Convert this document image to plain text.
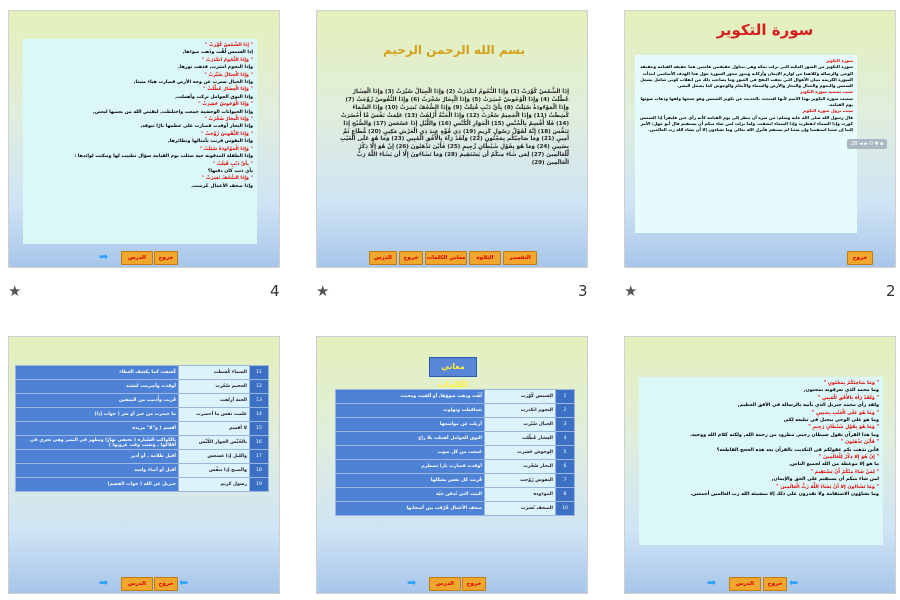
" إِذَا الشَّمْسُ كُوِّرَتْ "
إذا الشمس لُفّت وذَهب ضوءها,
" وَإِذَا النُّجُومُ انكَدَرَتْ "
وإذا النجوم انتثرت, فذهب نورها,
" وَإِذَا الْجِبَالُ سُيِّرَتْ "
وإذا الجبال سيرت عن وجه الأرض فصارت هباء منبثا,
" وَإِذَا الْعِشَارُ عُطِّلَتْ "
وإذا النوق الحوامل تركت وأهملت,
" وَإِذَا الْوُحُوشُ حُشِرَتْ "
وإذا الحيوانات الوحشية جمعت واختلطت, ليقتص الله من بعضها لبعض,
" وَإِذَا الْبِحَارُ سُجِّرَتْ "
وإذا البحار أوقدت فصارت على عظمها نارًا تتوقد,
" وَإِذَا النُّفُوسُ زُوِّجَتْ "
وإذا النفوس قرنت بأمثالها ونظائرها,
" وَإِذَا الْمَوْءُودَةُ سُئِلَتْ "
وإذا الطفلة المدفونة حية سئلت يوم القيامة سؤال تطييب لها وتبكيت لوائدها :
" بِأَيِّ ذَنْبٍ قُتِلَتْ "
بأي ذنب كان دفنها؟
" وَإِذَا الصُّحُفُ نُشِرَتْ "
وإذا صحف الأعمال عُرضت,
الدرس	خروج
➡
★	4
بسم الله الرحمن الرحيم
إِذَا الشَّمْسُ كُوِّرَتْ (1) وَإِذَا النُّجُومُ انكَدَرَتْ (2) وَإِذَا الْجِبَالُ سُيِّرَتْ (3) وَإِذَا الْعِشَارُ عُطِّلَتْ (4) وَإِذَا الْوُحُوشُ حُشِرَتْ (5) وَإِذَا الْبِحَارُ سُجِّرَتْ (6) وَإِذَا النُّفُوسُ زُوِّجَتْ (7) وَإِذَا الْمَوْءُودَةُ سُئِلَتْ (8) بِأَيِّ ذَنْبٍ قُتِلَتْ (9) وَإِذَا الصُّحُفُ نُشِرَتْ (10) وَإِذَا السَّمَاءُ كُشِطَتْ (11) وَإِذَا الْجَحِيمُ سُعِّرَتْ (12) وَإِذَا الْجَنَّةُ أُزْلِفَتْ (13) عَلِمَتْ نَفْسٌ مَّا أَحْضَرَتْ (14) فَلَا أُقْسِمُ بِالْخُنَّسِ (15) الْجَوَارِ الْكُنَّسِ (16) وَاللَّيْلِ إِذَا عَسْعَسَ (17) وَالصُّبْحِ إِذَا تَنَفَّسَ (18) إِنَّهُ لَقَوْلُ رَسُولٍ كَرِيمٍ (19) ذِي قُوَّةٍ عِندَ ذِي الْعَرْشِ مَكِينٍ (20) مُّطَاعٍ ثَمَّ أَمِينٍ (21) وَمَا صَاحِبُكُم بِمَجْنُونٍ (22) وَلَقَدْ رَآهُ بِالْأُفُقِ الْمُبِينِ (23) وَمَا هُوَ عَلَى الْغَيْبِ بِضَنِينٍ (24) وَمَا هُوَ بِقَوْلِ شَيْطَانٍ رَّجِيمٍ (25) فَأَيْنَ تَذْهَبُونَ (26) إِنْ هُوَ إِلَّا ذِكْرٌ لِّلْعَالَمِينَ (27) لِمَن شَاءَ مِنكُمْ أَن يَسْتَقِيمَ (28) وَمَا تَشَاءُونَ إِلَّا أَن يَشَاءَ اللَّهُ رَبُّ الْعَالَمِينَ (29)
الدرس	خروج	معاني الكلمات	التلاوة	التفسير
★	3
سورة التكوير
سورة التكوير
سورة التكوير من السور المكية التي نزلت بمكة وهي تتناول حقيقتين هامتين هما حقيقة القيامة وحقيقة الوحي والرسالة وكلاهما من لوازم الإيمان وأركانه ويدور محور السورة حول هذا الهدف الأساسي ابتدأت السورة الكريمة ببيان الأهوال التي تعقب النفخ في الصور وما يصاحب ذلك من انقلاب كوني شامل يشمل الشمس والنجوم والجبال والبحار والأرض والسماء والأنعام والوحوش كما يشمل البشر.
سبب تسمية سورة التكوير
سميت سورة التكوير بهذا الاسم لأنها افتتحت بالحديث عن تكوير الشمس وهو جمعها ولفها وذهاب ضوئها يوم القيامة.
سبب نزول سورة التكوير
قال رسول الله صلى الله عليه وسلم: من سره أن ينظر إلى يوم القيامة كأنه رأي عين فليقرأ إذا الشمس كورت وإذا السماء انفطرت وإذا السماء انشقت. ولما نزلت لمن شاء منكم أن يستقيم قال أبو جهل: الأمر إلينا إن شئنا استقمنا وإن شئنا لم نستقم فأنزل الله تعالى وما تشاءون إلا أن يشاء الله رب العالمين.
28 ◄ ► 0 ▼ ▪
خروج
★	2
11	السماء كُشطت	كُشفت كما يكشف الغطاء
12	الجحيم سُعّرت	أوقدت وأضرمت لتشتد
13	الجنة أزلفت	قُربت وأُدنيت من المتقين
14	علمت نفس ما أحضرت	ما حضرت من خير أو شر ( جواب إذا)
15	لا أقسم	أقسم ( و"لا" مزيدة
16	بالخُنّس الجوار الكُنّس	بالكواكب السّيارة ( تختفي نهارًا وتظهر في البصر وهي تجري في أفلاكها , وتغيب وقت غروبها )
17	والليل إذا عسعس	أقبل ظلامه , أو أدبر
18	والصبح إذا تنفّس	أقبل أو أضاء وامتد
19	رسول كريم	جبريل عن الله ( جواب القسم)
الدرس	خروج
➡	⬅
معاني الكلمات
1	الشمس كُوّرت	لُفّت وذهب ضوؤها, أو ألقيت ومحيت
2	النجوم انكدرت	تساقطت وتهاوت
3	الجبال سُيّرت	أزيلت عن مواضعها
4	العِشار عُطّلت	النوق الحوامل أهملت بلا راع
5	الوحوش حُشرت	جُمعت من كل صوب
6	البحار سُجّرت	أوقدت فصارت نارا تضطرم
7	النفوس زُوّجت	قُرنت كل نفس بشكلها
8	الموءودة	البنت التي تُدفن حيّة
10	الصحف نُشرت	صحف الأعمال فُرّقت بين أصحابها
الدرس	خروج
➡
" وَمَا صَاحِبُكُمْ بِمَجْنُونٍ "
وما محمد الذي تعرفونه بمجنون,
" وَلَقَدْ رَآهُ بِالأُفُقِ الْمُبِينِ "
ولقد رأى محمد جبريل الذي يأتيه بالرسالة في الأفق العظيم,
" وَمَا هُوَ عَلَى الْغَيْبِ بِضَنِينٍ "
وما هو على الوحي ببخيل في تبليغه لكم,
" وَمَا هُوَ بِقَوْلِ شَيْطَانٍ رَجِيمٍ "
وما هذا القرآن بقول شيطان رجيم, مطرود من رحمة الله, ولكنه كلام الله ووحيه.
" فَأَيْنَ تَذْهَبُونَ "
فأين تذهب بكم عقولكم في التكذيب بالقرآن بعد هذه الحجج القاطعة؟
" إِنْ هُوَ إِلا ذِكْرٌ لِلْعَالَمِينَ "
ما هو إلا موعظة من الله لجميع الناس,
" لِمَنْ شَاءَ مِنْكُمْ أَنْ يَسْتَقِيمَ "
لمن شاء منكم أن يستقيم على الحق والإيمان,
" وَمَا تَشَاءُونَ إِلا أَنْ يَشَاءَ اللَّهُ رَبُّ الْعَالَمِينَ "
وما تشاؤون الاستقامة ولا تقدرون على ذلك إلا بمشيئة الله رب العالمين أجمعين.
الدرس	خروج
➡	⬅
